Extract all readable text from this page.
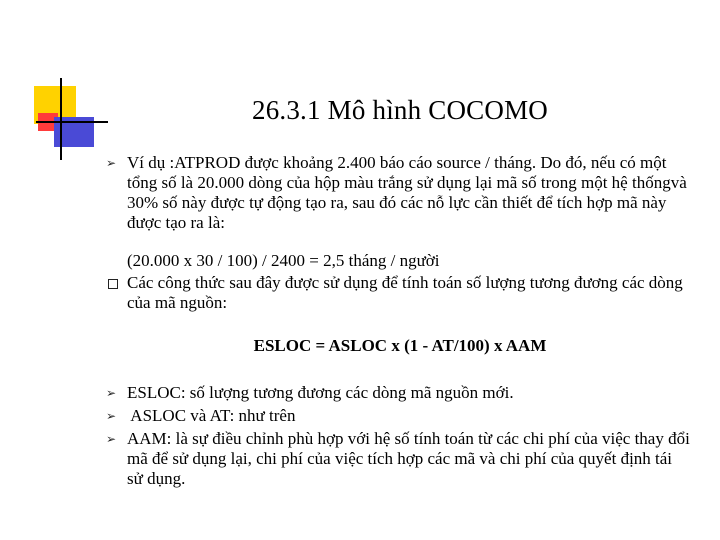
26.3.1 Mô hình COCOMO
➢ Ví dụ :ATPROD được khoảng 2.400 báo cáo source / tháng. Do đó, nếu có một tổng số là 20.000 dòng của hộp màu trắng sử dụng lại mã số trong một hệ thốngvà 30% số này được tự động tạo ra, sau đó các nỗ lực cần thiết để tích hợp mã này được tạo ra là:
(20.000 x 30 / 100) / 2400 = 2,5 tháng / người
Các công thức sau đây được sử dụng để tính toán số lượng tương đương các dòng của mã nguồn:
ESLOC = ASLOC x (1 - AT/100) x AAM
➢ ESLOC: số lượng tương đương các dòng mã nguồn mới.
➢ ASLOC và AT: như trên
➢ AAM: là sự điều chỉnh phù hợp với hệ số tính toán từ các chi phí của việc thay đổi mã để sử dụng lại, chi phí của việc tích hợp các mã và chi phí của quyết định tái sử dụng.
